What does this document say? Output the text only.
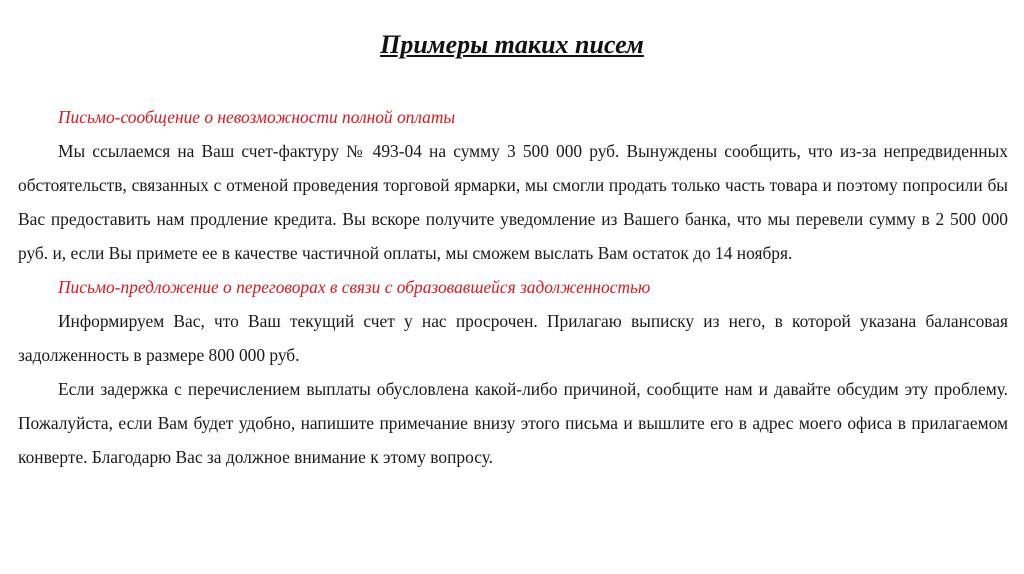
Примеры таких писем

Письмо-сообщение о невозможности полной оплаты

Мы ссылаемся на Ваш счет-фактуру № 493-04 на сумму 3 500 000 руб. Вынуждены сообщить, что из-за непредвиденных обстоятельств, связанных с отменой проведения торговой ярмарки, мы смогли продать только часть товара и поэтому попросили бы Вас предоставить нам продление кредита. Вы вскоре получите уведомление из Вашего банка, что мы перевели сумму в 2 500 000 руб. и, если Вы примете ее в качестве частичной оплаты, мы сможем выслать Вам остаток до 14 ноября.

Письмо-предложение о переговорах в связи с образовавшейся задолженностью

Информируем Вас, что Ваш текущий счет у нас просрочен. Прилагаю выписку из него, в которой указана балансовая задолженность в размере 800 000 руб.

Если задержка с перечислением выплаты обусловлена какой-либо причиной, сообщите нам и давайте обсудим эту проблему. Пожалуйста, если Вам будет удобно, напишите примечание внизу этого письма и вышлите его в адрес моего офиса в прилагаемом конверте. Благодарю Вас за должное внимание к этому вопросу.
